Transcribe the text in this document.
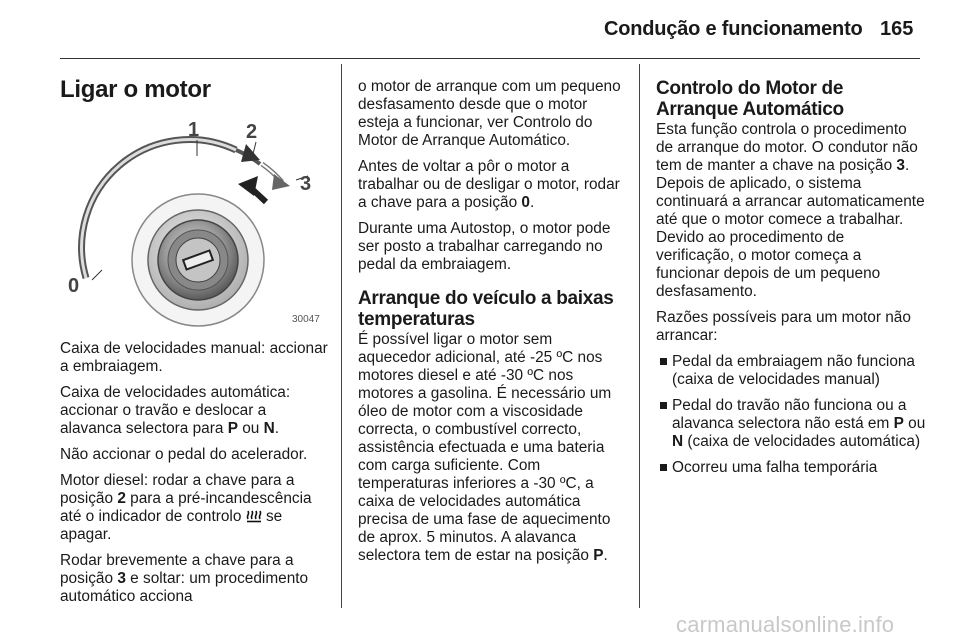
Condução e funcionamento 165
Ligar o motor
1 2
3
0
30047

Caixa de velocidades manual: accionar a embraiagem.

Caixa de velocidades automática: accionar o travão e deslocar a alavanca selectora para P ou N.

Não accionar o pedal do acelerador.

Motor diesel: rodar a chave para a posição 2 para a pré-incandescência até o indicador de controlo  se apagar.

Rodar brevemente a chave para a posição 3 e soltar: um procedimento automático acciona

o motor de arranque com um pequeno desfasamento desde que o motor esteja a funcionar, ver Controlo do Motor de Arranque Automático.

Antes de voltar a pôr o motor a trabalhar ou de desligar o motor, rodar a chave para a posição 0.

Durante uma Autostop, o motor pode ser posto a trabalhar carregando no pedal da embraiagem.

Arranque do veículo a baixas temperaturas

É possível ligar o motor sem aquecedor adicional, até -25 ºC nos motores diesel e até -30 ºC nos motores a gasolina. É necessário um óleo de motor com a viscosidade correcta, o combustível correcto, assistência efectuada e uma bateria com carga suficiente. Com temperaturas inferiores a -30 ºC, a caixa de velocidades automática precisa de uma fase de aquecimento de aprox. 5 minutos. A alavanca selectora tem de estar na posição P.

Controlo do Motor de Arranque Automático

Esta função controla o procedimento de arranque do motor. O condutor não tem de manter a chave na posição 3. Depois de aplicado, o sistema continuará a arrancar automaticamente até que o motor comece a trabalhar. Devido ao procedimento de verificação, o motor começa a funcionar depois de um pequeno desfasamento.

Razões possíveis para um motor não arrancar:

Pedal da embraiagem não funciona (caixa de velocidades manual)
Pedal do travão não funciona ou a alavanca selectora não está em P ou N (caixa de velocidades automática)
Ocorreu uma falha temporária
carmanualsonline.info
